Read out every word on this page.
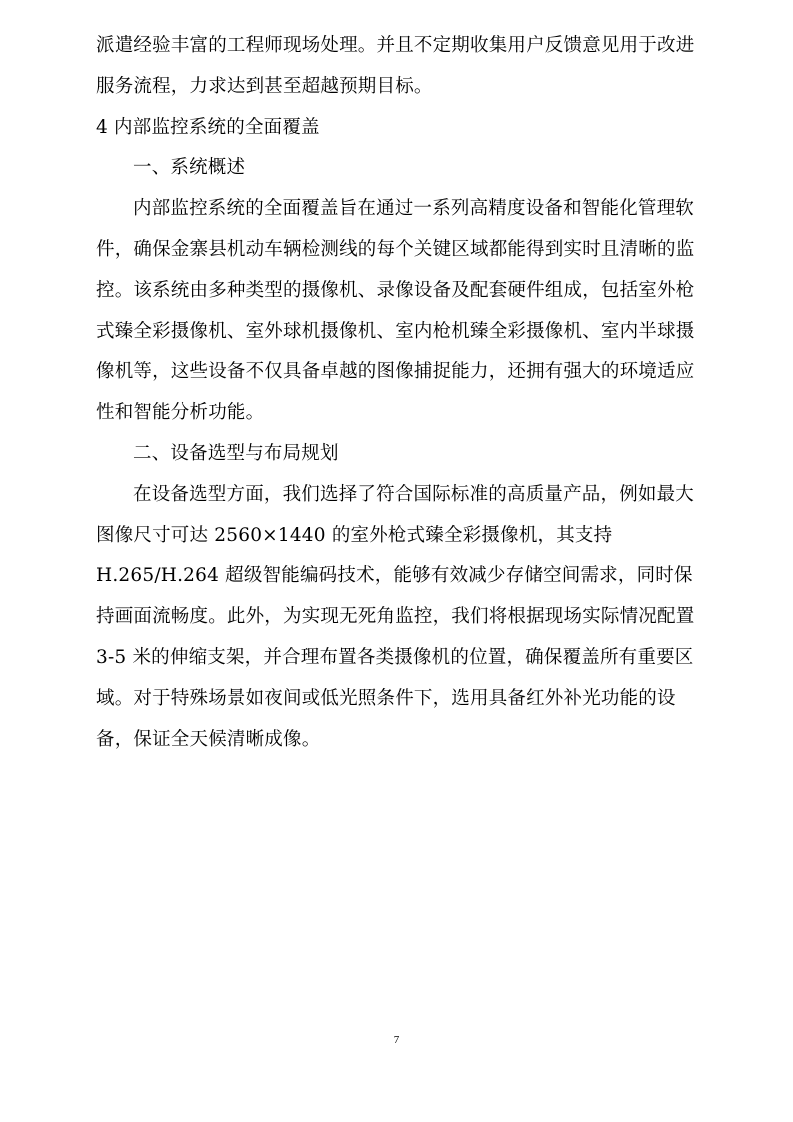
派遣经验丰富的工程师现场处理。并且不定期收集用户反馈意见用于改进
服务流程，力求达到甚至超越预期目标。
4 内部监控系统的全面覆盖
一、系统概述
内部监控系统的全面覆盖旨在通过一系列高精度设备和智能化管理软
件，确保金寨县机动车辆检测线的每个关键区域都能得到实时且清晰的监
控。该系统由多种类型的摄像机、录像设备及配套硬件组成，包括室外枪
式臻全彩摄像机、室外球机摄像机、室内枪机臻全彩摄像机、室内半球摄
像机等，这些设备不仅具备卓越的图像捕捉能力，还拥有强大的环境适应
性和智能分析功能。
二、设备选型与布局规划
在设备选型方面，我们选择了符合国际标准的高质量产品，例如最大
图像尺寸可达 2560×1440 的室外枪式臻全彩摄像机，其支持
H.265/H.264 超级智能编码技术，能够有效减少存储空间需求，同时保
持画面流畅度。此外，为实现无死角监控，我们将根据现场实际情况配置
3-5 米的伸缩支架，并合理布置各类摄像机的位置，确保覆盖所有重要区
域。对于特殊场景如夜间或低光照条件下，选用具备红外补光功能的设
备，保证全天候清晰成像。
7
